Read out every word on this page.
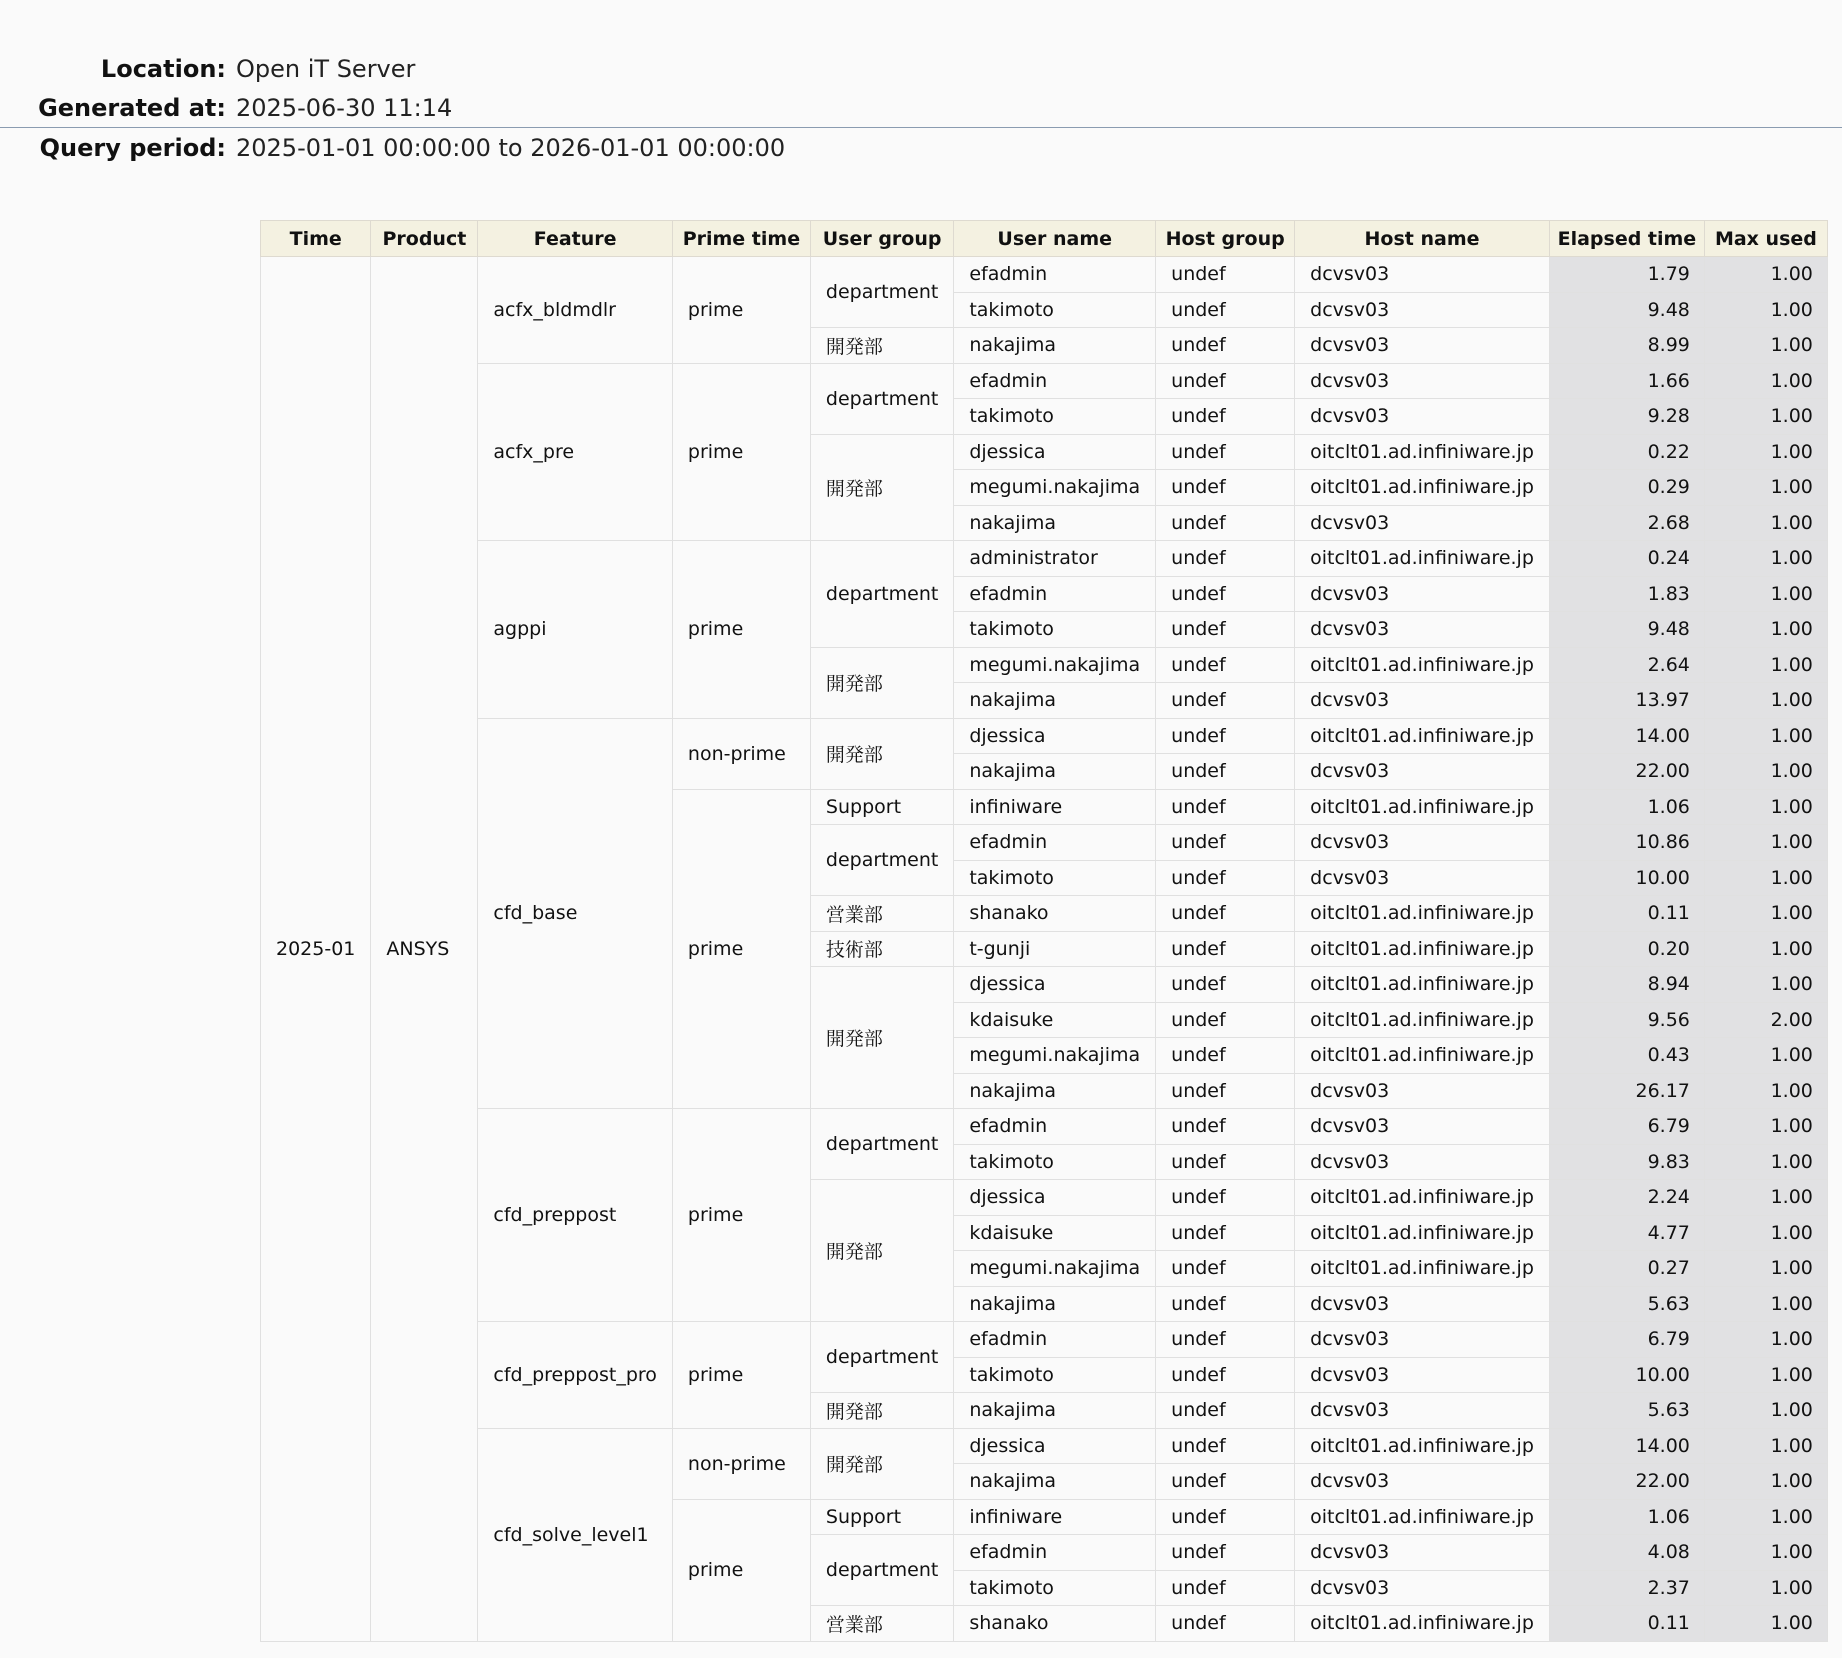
Location: Open iT Server
Generated at: 2025-06-30 11:14
Query period: 2025-01-01 00:00:00 to 2026-01-01 00:00:00
Time	Product	Feature	Prime time	User group	User name	Host group	Host name	Elapsed time	Max used
2025-01	ANSYS	acfx_bldmdlr	prime	department	efadmin	undef	dcvsv03	1.79	1.00
					takimoto	undef	dcvsv03	9.48	1.00
				開発部	nakajima	undef	dcvsv03	8.99	1.00
		acfx_pre	prime	department	efadmin	undef	dcvsv03	1.66	1.00
					takimoto	undef	dcvsv03	9.28	1.00
				開発部	djessica	undef	oitclt01.ad.infiniware.jp	0.22	1.00
					megumi.nakajima	undef	oitclt01.ad.infiniware.jp	0.29	1.00
					nakajima	undef	dcvsv03	2.68	1.00
		agppi	prime	department	administrator	undef	oitclt01.ad.infiniware.jp	0.24	1.00
					efadmin	undef	dcvsv03	1.83	1.00
					takimoto	undef	dcvsv03	9.48	1.00
				開発部	megumi.nakajima	undef	oitclt01.ad.infiniware.jp	2.64	1.00
					nakajima	undef	dcvsv03	13.97	1.00
		cfd_base	non-prime	開発部	djessica	undef	oitclt01.ad.infiniware.jp	14.00	1.00
					nakajima	undef	dcvsv03	22.00	1.00
			prime	Support	infiniware	undef	oitclt01.ad.infiniware.jp	1.06	1.00
				department	efadmin	undef	dcvsv03	10.86	1.00
					takimoto	undef	dcvsv03	10.00	1.00
				営業部	shanako	undef	oitclt01.ad.infiniware.jp	0.11	1.00
				技術部	t-gunji	undef	oitclt01.ad.infiniware.jp	0.20	1.00
				開発部	djessica	undef	oitclt01.ad.infiniware.jp	8.94	1.00
					kdaisuke	undef	oitclt01.ad.infiniware.jp	9.56	2.00
					megumi.nakajima	undef	oitclt01.ad.infiniware.jp	0.43	1.00
					nakajima	undef	dcvsv03	26.17	1.00
		cfd_preppost	prime	department	efadmin	undef	dcvsv03	6.79	1.00
					takimoto	undef	dcvsv03	9.83	1.00
				開発部	djessica	undef	oitclt01.ad.infiniware.jp	2.24	1.00
					kdaisuke	undef	oitclt01.ad.infiniware.jp	4.77	1.00
					megumi.nakajima	undef	oitclt01.ad.infiniware.jp	0.27	1.00
					nakajima	undef	dcvsv03	5.63	1.00
		cfd_preppost_pro	prime	department	efadmin	undef	dcvsv03	6.79	1.00
					takimoto	undef	dcvsv03	10.00	1.00
				開発部	nakajima	undef	dcvsv03	5.63	1.00
		cfd_solve_level1	non-prime	開発部	djessica	undef	oitclt01.ad.infiniware.jp	14.00	1.00
					nakajima	undef	dcvsv03	22.00	1.00
			prime	Support	infiniware	undef	oitclt01.ad.infiniware.jp	1.06	1.00
				department	efadmin	undef	dcvsv03	4.08	1.00
					takimoto	undef	dcvsv03	2.37	1.00
				営業部	shanako	undef	oitclt01.ad.infiniware.jp	0.11	1.00
